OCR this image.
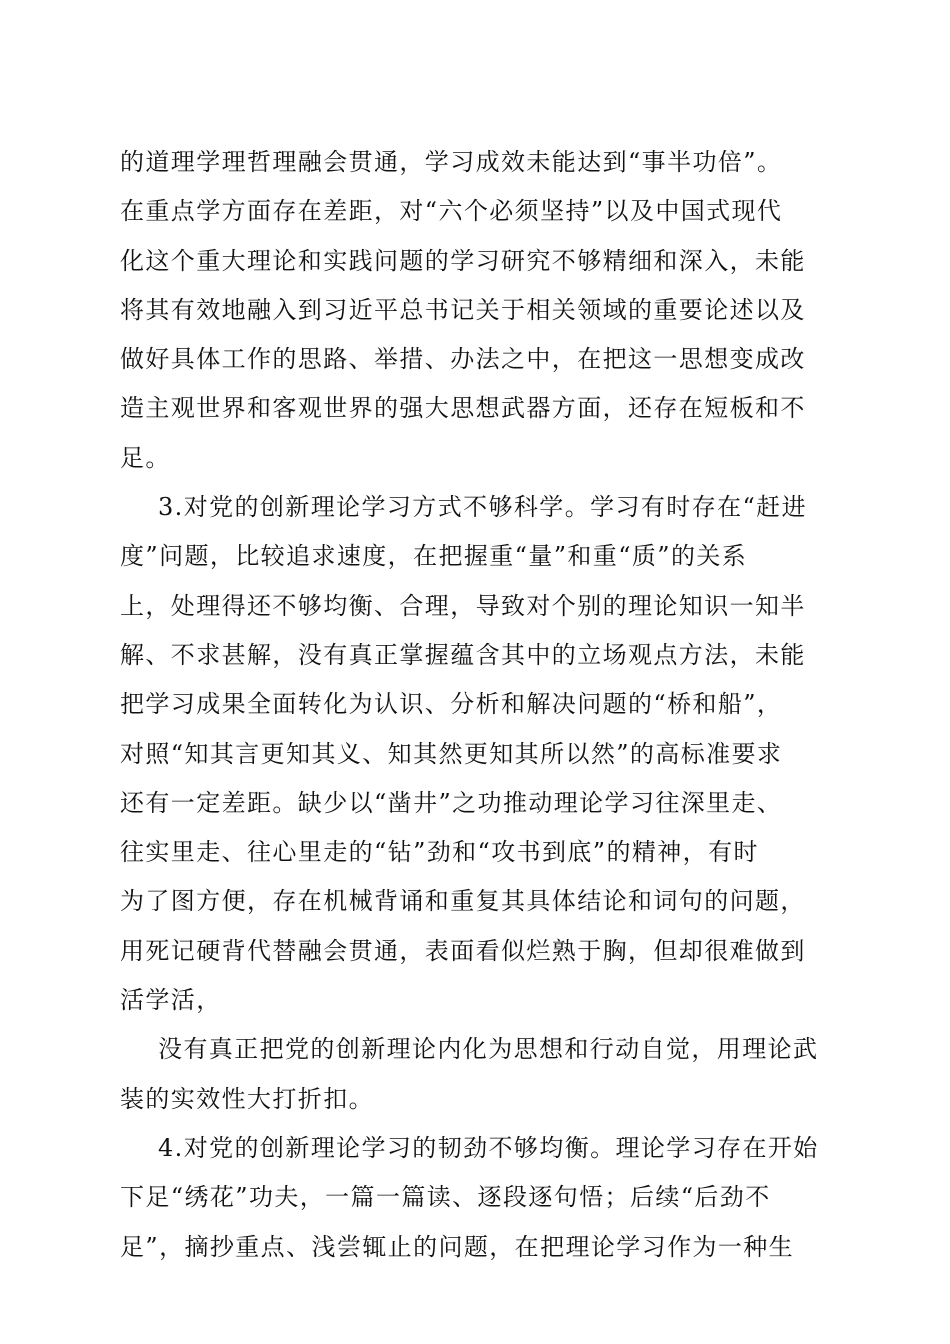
的道理学理哲理融会贯通，学习成效未能达到“事半功倍”。
在重点学方面存在差距，对“六个必须坚持”以及中国式现代
化这个重大理论和实践问题的学习研究不够精细和深入，未能
将其有效地融入到习近平总书记关于相关领域的重要论述以及
做好具体工作的思路、举措、办法之中，在把这一思想变成改
造主观世界和客观世界的强大思想武器方面，还存在短板和不
足。
3.对党的创新理论学习方式不够科学。学习有时存在“赶进
度”问题，比较追求速度，在把握重“量”和重“质”的关系
上，处理得还不够均衡、合理，导致对个别的理论知识一知半
解、不求甚解，没有真正掌握蕴含其中的立场观点方法，未能
把学习成果全面转化为认识、分析和解决问题的“桥和船”，
对照“知其言更知其义、知其然更知其所以然”的高标准要求
还有一定差距。缺少以“凿井”之功推动理论学习往深里走、
往实里走、往心里走的“钻”劲和“攻书到底”的精神，有时
为了图方便，存在机械背诵和重复其具体结论和词句的问题，
用死记硬背代替融会贯通，表面看似烂熟于胸，但却很难做到
活学活，
没有真正把党的创新理论内化为思想和行动自觉，用理论武
装的实效性大打折扣。
4.对党的创新理论学习的韧劲不够均衡。理论学习存在开始
下足“绣花”功夫，一篇一篇读、逐段逐句悟；后续“后劲不
足”，摘抄重点、浅尝辄止的问题，在把理论学习作为一种生
